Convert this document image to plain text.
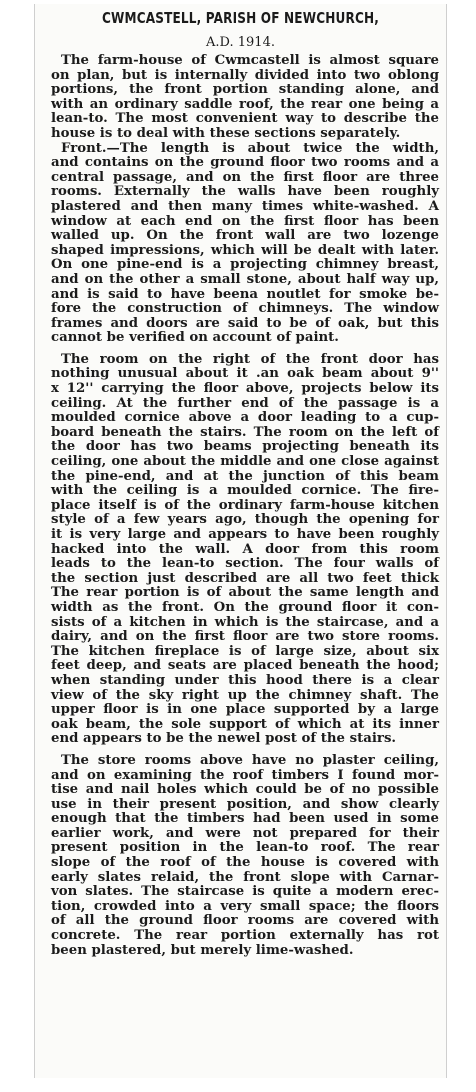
CWMCASTELL, PARISH OF NEWCHURCH,
A.D. 1914.

The farm-house of Cwmcastell is almost square
on plan, but is internally divided into two oblong
portions, the front portion standing alone, and
with an ordinary saddle roof, the rear one being a
lean-to. The most convenient way to describe the
house is to deal with these sections separately.
Front.—The length is about twice the width,
and contains on the ground floor two rooms and a
central passage, and on the first floor are three
rooms. Externally the walls have been roughly
plastered and then many times white-washed. A
window at each end on the first floor has been
walled up. On the front wall are two lozenge
shaped impressions, which will be dealt with later.
On one pine-end is a projecting chimney breast,
and on the other a small stone, about half way up,
and is said to have beena noutlet for smoke be-
fore the construction of chimneys. The window
frames and doors are said to be of oak, but this
cannot be verified on account of paint.

The room on the right of the front door has
nothing unusual about it .an oak beam about 9''
x 12'' carrying the floor above, projects below its
ceiling. At the further end of the passage is a
moulded cornice above a door leading to a cup-
board beneath the stairs. The room on the left of
the door has two beams projecting beneath its
ceiling, one about the middle and one close against
the pine-end, and at the junction of this beam
with the ceiling is a moulded cornice. The fire-
place itself is of the ordinary farm-house kitchen
style of a few years ago, though the opening for
it is very large and appears to have been roughly
hacked into the wall. A door from this room
leads to the lean-to section. The four walls of
the section just described are all two feet thick
The rear portion is of about the same length and
width as the front. On the ground floor it con-
sists of a kitchen in which is the staircase, and a
dairy, and on the first floor are two store rooms.
The kitchen fireplace is of large size, about six
feet deep, and seats are placed beneath the hood;
when standing under this hood there is a clear
view of the sky right up the chimney shaft. The
upper floor is in one place supported by a large
oak beam, the sole support of which at its inner
end appears to be the newel post of the stairs.

The store rooms above have no plaster ceiling,
and on examining the roof timbers I found mor-
tise and nail holes which could be of no possible
use in their present position, and show clearly
enough that the timbers had been used in some
earlier work, and were not prepared for their
present position in the lean-to roof. The rear
slope of the roof of the house is covered with
early slates relaid, the front slope with Carnar-
von slates. The staircase is quite a modern erec-
tion, crowded into a very small space; the floors
of all the ground floor rooms are covered with
concrete. The rear portion externally has rot
been plastered, but merely lime-washed.
